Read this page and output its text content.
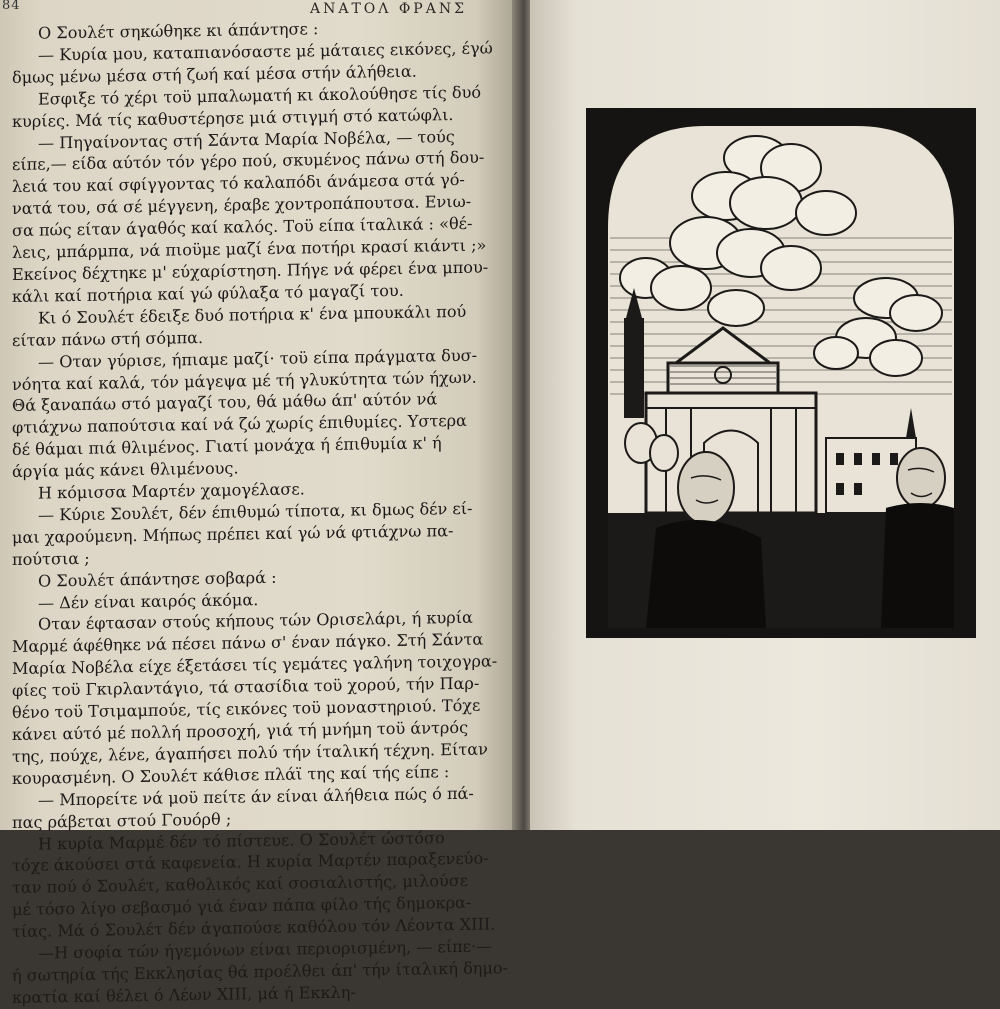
84	ΑΝΑΤΟΛ ΦΡΑΝΣ
Ο Σουλέτ σηκώθηκε κι άπάντησε :
— Κυρία μου, καταπιανόσαστε μέ μάταιες εικόνες, έγώ
δμως μένω μέσα στή ζωή καί μέσα στήν άλήθεια.
Εσφιξε τό χέρι τοϋ μπαλωματή κι άκολούθησε τίς δυό
κυρίες. Μά τίς καθυστέρησε μιά στιγμή στό κατώφλι.
— Πηγαίνοντας στή Σάντα Μαρία Νοβέλα, — τούς
είπε,— είδα αύτόν τόν γέρο πού, σκυμένος πάνω στή δου-
λειά του καί σφίγγοντας τό καλαπόδι άνάμεσα στά γό-
νατά του, σά σέ μέγγενη, έραβε χοντροπάπουτσα. Ενιω-
σα πώς είταν άγαθός καί καλός. Τοϋ είπα ίταλικά : «θέ-
λεις, μπάρμπα, νά πιοϋμε μαζί ένα ποτήρι κρασί κιάντι ;»
Εκείνος δέχτηκε μ' εύχαρίστηση. Πήγε νά φέρει ένα μπου-
κάλι καί ποτήρια καί γώ φύλαξα τό μαγαζί του.
Κι ό Σουλέτ έδειξε δυό ποτήρια κ' ένα μπουκάλι πού
είταν πάνω στή σόμπα.
— Οταν γύρισε, ήπιαμε μαζί· τοϋ είπα πράγματα δυσ-
νόητα καί καλά, τόν μάγεψα μέ τή γλυκύτητα τών ήχων.
Θά ξαναπάω στό μαγαζί του, θά μάθω άπ' αύτόν νά
φτιάχνω παπούτσια καί νά ζώ χωρίς έπιθυμίες. Υστερα
δέ θάμαι πιά θλιμένος. Γιατί μονάχα ή έπιθυμία κ' ή
άργία μάς κάνει θλιμένους.
Η κόμισσα Μαρτέν χαμογέλασε.
— Κύριε Σουλέτ, δέν έπιθυμώ τίποτα, κι δμως δέν εί-
μαι χαρούμενη. Μήπως πρέπει καί γώ νά φτιάχνω πα-
πούτσια ;
Ο Σουλέτ άπάντησε σοβαρά :
— Δέν είναι καιρός άκόμα.
Οταν έφτασαν στούς κήπους τών Ορισελάρι, ή κυρία
Μαρμέ άφέθηκε νά πέσει πάνω σ' έναν πάγκο. Στή Σάντα
Μαρία Νοβέλα είχε έξετάσει τίς γεμάτες γαλήνη τοιχογρα-
φίες τοϋ Γκιρλαντάγιο, τά στασίδια τοϋ χορού, τήν Παρ-
θένο τοϋ Τσιμαμπούε, τίς εικόνες τοϋ μοναστηριού. Τόχε
κάνει αύτό μέ πολλή προσοχή, γιά τή μνήμη τοϋ άντρός
της, πούχε, λένε, άγαπήσει πολύ τήν ίταλική τέχνη. Είταν
κουρασμένη. Ο Σουλέτ κάθισε πλάϊ της καί τής είπε :
— Μπορείτε νά μοϋ πείτε άν είναι άλήθεια πώς ό πά-
πας ράβεται στού Γουόρθ ;
Η κυρία Μαρμέ δέν τό πίστευε. Ο Σουλέτ ώστόσο
τόχε άκούσει στά καφενεία. Η κυρία Μαρτέν παραξενεύο-
ταν πού ό Σουλέτ, καθολικός καί σοσιαλιστής, μιλούσε
μέ τόσο λίγο σεβασμό γιά έναν πάπα φίλο τής δημοκρα-
τίας. Μά ό Σουλέτ δέν άγαπούσε καθόλου τόν Λέοντα XIII.
—Η σοφία τών ήγεμόνων είναι περιορισμένη, — είπε·—
ή σωτηρία τής Εκκλησίας θά προέλθει άπ' τήν ίταλική δημο-
κρατία καί θέλει ό Λέων XIII, μά ή Εκκλη-
